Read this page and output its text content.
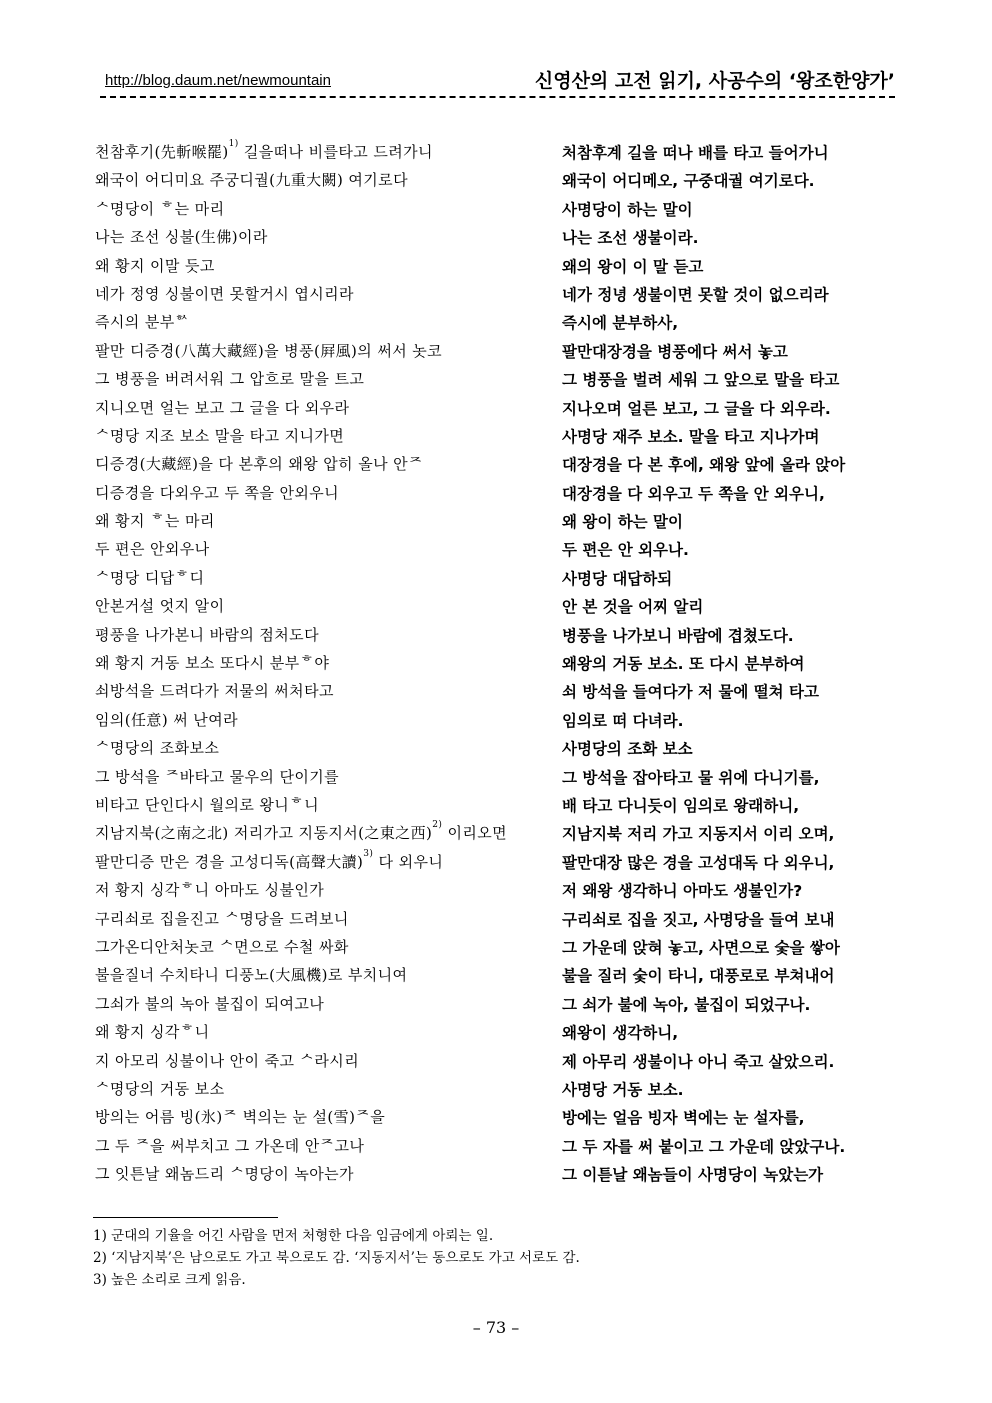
http://blog.daum.net/newmountain	신영산의 고전 읽기, 사공수의 ‘왕조한양가’
천참후기(先斬喉罷)$^{1)}$ 길을떠나 비를타고 드려가니	처참후계 길을 떠나 배를 타고 들어가니
왜국이 어디미요 주궁디궐(九重大闕) 여기로다	왜국이 어디메오, 구중대궐 여기로다.
ᄉ명당이 ᄒ는 마리	사명당이 하는 말이
나는 조선 싱불(生佛)이라	나는 조선 생불이라.
왜 황지 이말 듯고	왜의 왕이 이 말 듣고
네가 정영 싱불이면 못할거시 엽시리라	네가 정녕 생불이면 못할 것이 없으리라
즉시의 분부ᄒᄉ	즉시에 분부하사,
팔만 디증경(八萬大藏經)을 병풍(屛風)의 써서 놋코	팔만대장경을 병풍에다 써서 놓고
그 병풍을 버려서워 그 압흐로 말을 트고	그 병풍을 벌려 세워 그 앞으로 말을 타고
지니오면 얼는 보고 그 글을 다 외우라	지나오며 얼른 보고, 그 글을 다 외우라.
ᄉ명당 지조 보소 말을 타고 지니가면	사명당 재주 보소. 말을 타고 지나가며
디증경(大藏經)을 다 본후의 왜왕 압히 올나 안ᄌ	대장경을 다 본 후에, 왜왕 앞에 올라 앉아
디증경을 다외우고 두 쪽을 안외우니	대장경을 다 외우고 두 쪽을 안 외우니,
왜 황지 ᄒ는 마리	왜 왕이 하는 말이
두 편은 안외우나	두 편은 안 외우나.
ᄉ명당 디답ᄒ디	사명당 대답하되
안본거설 엇지 알이	안 본 것을 어찌 알리
평풍을 나가본니 바람의 점처도다	병풍을 나가보니 바람에 겹쳤도다.
왜 황지 거동 보소 또다시 분부ᄒ야	왜왕의 거동 보소. 또 다시 분부하여
쇠방석을 드려다가 저물의 써처타고	쇠 방석을 들여다가 저 물에 떨쳐 타고
임의(任意) 써 난여라	임의로 떠 다녀라.
ᄉ명당의 조화보소	사명당의 조화 보소
그 방석을 ᄌ바타고 물우의 단이기를	그 방석을 잡아타고 물 위에 다니기를,
비타고 단인다시 월의로 왕니ᄒ니	배 타고 다니듯이 임의로 왕래하니,
지남지북(之南之北) 저리가고 지동지서(之東之西)$^{2)}$ 이리오면	지남지북 저리 가고 지동지서 이리 오며,
팔만디증 만은 경을 고성디독(高聲大讀)$^{3)}$ 다 외우니	팔만대장 많은 경을 고성대독 다 외우니,
저 황지 싱각ᄒ니 아마도 싱불인가	저 왜왕 생각하니 아마도 생불인가?
구리쇠로 집을진고 ᄉ명당을 드려보니	구리쇠로 집을 짓고, 사명당을 들여 보내
그가온디안처놋코 ᄉ면으로 수철 싸화	그 가운데 앉혀 놓고, 사면으로 숯을 쌓아
불을질너 수치타니 디풍노(大風機)로 부치니여	불을 질러 숯이 타니, 대풍로로 부쳐내어
그쇠가 불의 녹아 불집이 되여고나	그 쇠가 불에 녹아, 불집이 되었구나.
왜 황지 싱각ᄒ니	왜왕이 생각하니,
지 아모리 싱불이나 안이 죽고 ᄉ라시리	제 아무리 생불이나 아니 죽고 살았으리.
ᄉ명당의 거동 보소	사명당 거동 보소.
방의는 어름 빙(氷)ᄌ 벽의는 눈 설(雪)ᄌ을	방에는 얼음 빙자 벽에는 눈 설자를,
그 두 ᄌ을 써부치고 그 가온데 안ᄌ고나	그 두 자를 써 붙이고 그 가운데 앉았구나.
그 잇튼날 왜놈드리 ᄉ명당이 녹아는가	그 이튿날 왜놈들이 사명당이 녹았는가
1) 군대의 기율을 어긴 사람을 먼저 처형한 다음 임금에게 아뢰는 일.
2) ‘지남지북’은 남으로도 가고 북으로도 감. ‘지동지서’는 동으로도 가고 서로도 감.
3) 높은 소리로 크게 읽음.
– 73 –
